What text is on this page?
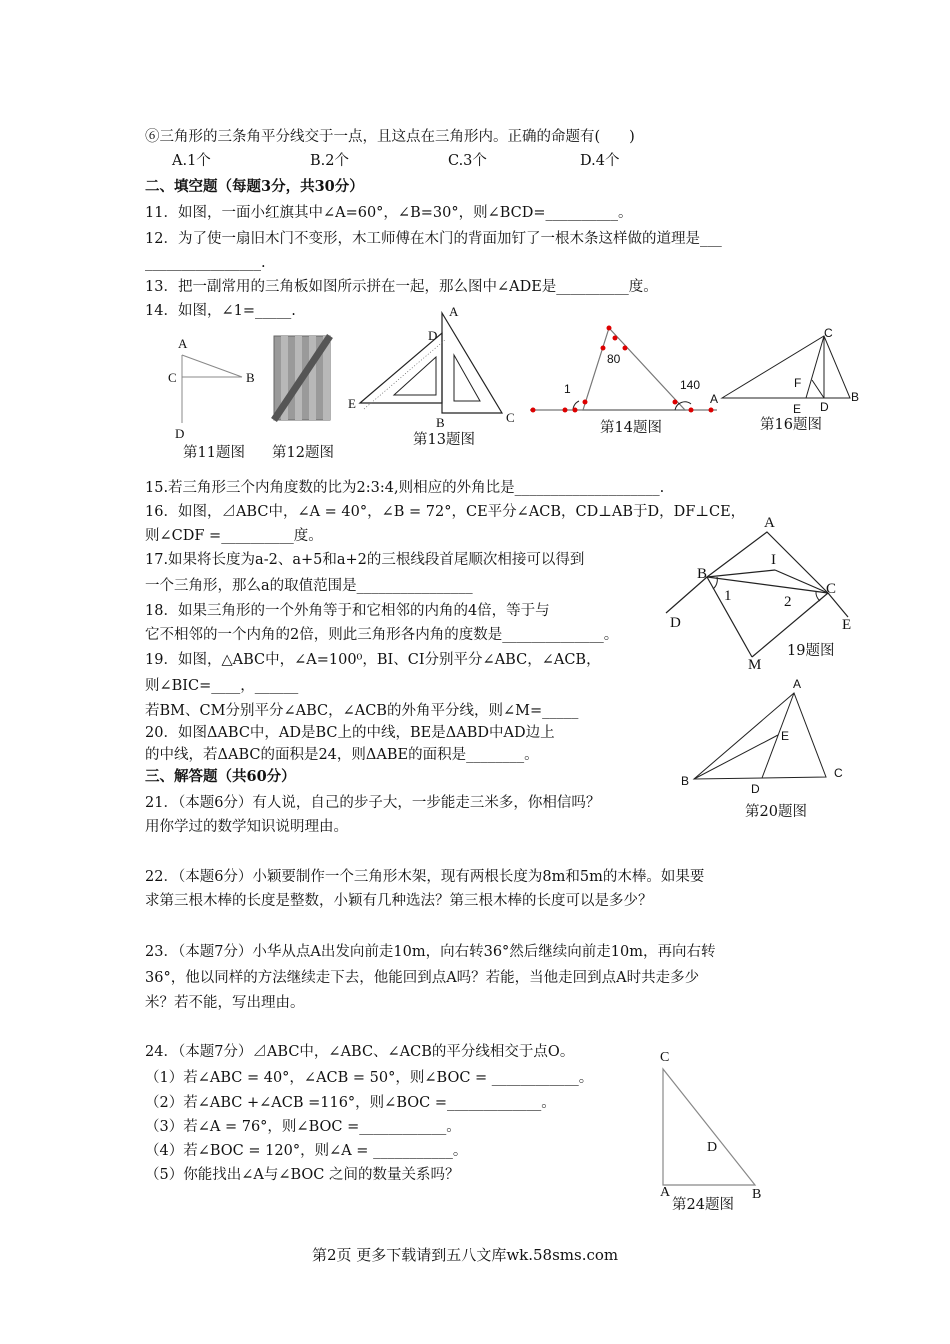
⑥三角形的三条角平分线交于一点，且这点在三角形内。正确的命题有(　　)
A.1个	B.2个	C.3个	D.4个
二、填空题（每题3分，共30分）
11．如图，一面小红旗其中∠A=60°，∠B=30°，则∠BCD=__________。
12．为了使一扇旧木门不变形，木工师傅在木门的背面加钉了一根木条这样做的道理是___
________________.
13．把一副常用的三角板如图所示拼在一起，那么图中∠ADE是__________度。
14．如图，∠1=_____.
A
C	B
D
第11题图 第12题图
A
D
E
B	C
第13题图
80
1	140
A
第14题图
C
F
E D
B
第16题图
15.若三角形三个内角度数的比为2:3:4,则相应的外角比是____________________.
16．如图，⊿ABC中，∠A = 40°，∠B = 72°，CE平分∠ACB，CD⊥AB于D，DF⊥CE，
则∠CDF =__________度。
17.如果将长度为a-2、a+5和a+2的三根线段首尾顺次相接可以得到
一个三角形，那么a的取值范围是________________
18．如果三角形的一个外角等于和它相邻的内角的4倍，等于与
它不相邻的一个内角的2倍，则此三角形各内角的度数是______________。
19．如图，△ABC中，∠A=100⁰，BI、CI分别平分∠ABC，∠ACB，
则∠BIC=____，______
若BM、CM分别平分∠ABC，∠ACB的外角平分线，则∠M=_____
20．如图ΔABC中，AD是BC上的中线，BE是ΔABD中AD边上
的中线，若ΔABC的面积是24，则ΔABE的面积是________。
A
I
B
C
1	2
D	E
M
19题图
A
E
B
D
C
第20题图
三、解答题（共60分）
21．（本题6分）有人说，自己的步子大，一步能走三米多，你相信吗？
用你学过的数学知识说明理由。
22．（本题6分）小颖要制作一个三角形木架，现有两根长度为8m和5m的木棒。如果要
求第三根木棒的长度是整数，小颖有几种选法？第三根木棒的长度可以是多少？
23．（本题7分）小华从点A出发向前走10m，向右转36°然后继续向前走10m，再向右转
36°，他以同样的方法继续走下去，他能回到点A吗？若能，当他走回到点A时共走多少
米？若不能，写出理由。
24．（本题7分）⊿ABC中，∠ABC、∠ACB的平分线相交于点O。
（1）若∠ABC = 40°，∠ACB = 50°，则∠BOC = ____________。
（2）若∠ABC +∠ACB =116°，则∠BOC =_____________。
（3）若∠A = 76°，则∠BOC =____________。
（4）若∠BOC = 120°，则∠A = ___________。
（5）你能找出∠A与∠BOC 之间的数量关系吗？
C
D
A	B
第24题图
第2页 更多下载请到五八文库wk.58sms.com
